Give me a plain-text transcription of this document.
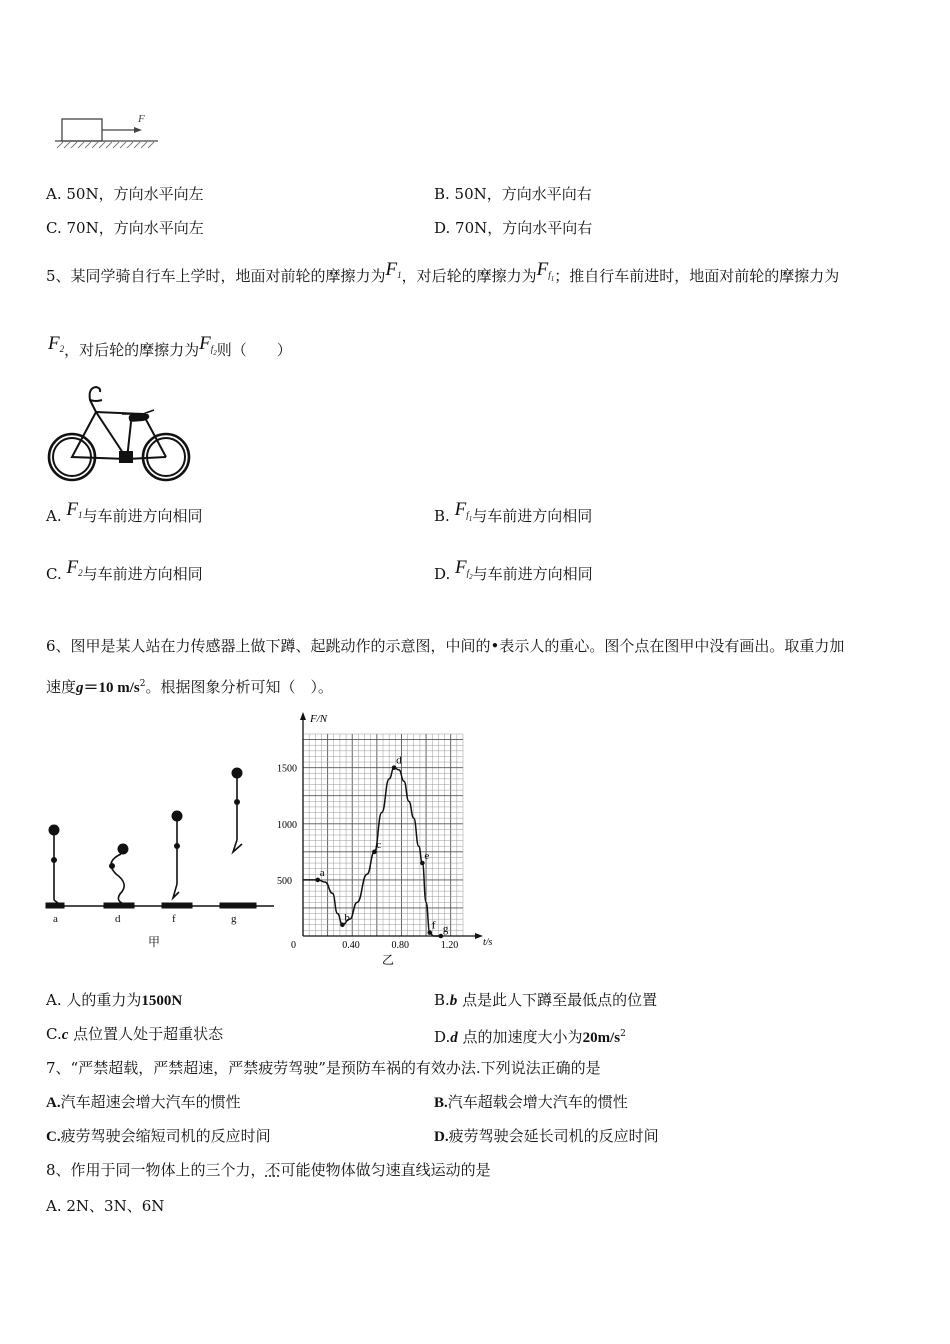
F
A. 50N，方向水平向左	B. 50N，方向水平向右
C. 70N，方向水平向左	D. 70N，方向水平向右
5、某同学骑自行车上学时，地面对前轮的摩擦力为$F_1$，对后轮的摩擦力为$F_{f_1}$；推自行车前进时，地面对前轮的摩擦力为
$F_2$，对后轮的摩擦力为$F_{f_2}$则（　　）
A. $F_1$与车前进方向相同	B. $F_{f_1}$与车前进方向相同
C. $F_2$与车前进方向相同	D. $F_{f_2}$与车前进方向相同
6、图甲是某人站在力传感器上做下蹲、起跳动作的示意图，中间的•表示人的重心。图个点在图甲中没有画出。取重力加
速度g＝10 $m/s^2$。根据图象分析可知（　）。
a	d	f	g
甲	0	0.40	0.80	1.20
500
1000
1500
a
b
c
d
e
f g
F/N
t/s
乙
A. 人的重力为1500N	B.b 点是此人下蹲至最低点的位置
C.c 点位置人处于超重状态	D.d 点的加速度大小为$20m/s^2$
7、“严禁超载，严禁超速，严禁疲劳驾驶”是预防车祸的有效办法.下列说法正确的是
A.汽车超速会增大汽车的惯性	B.汽车超载会增大汽车的惯性
C.疲劳驾驶会缩短司机的反应时间	D.疲劳驾驶会延长司机的反应时间
8、作用于同一物体上的三个力，不可能使物体做匀速直线运动的是
A. 2N、3N、6N
